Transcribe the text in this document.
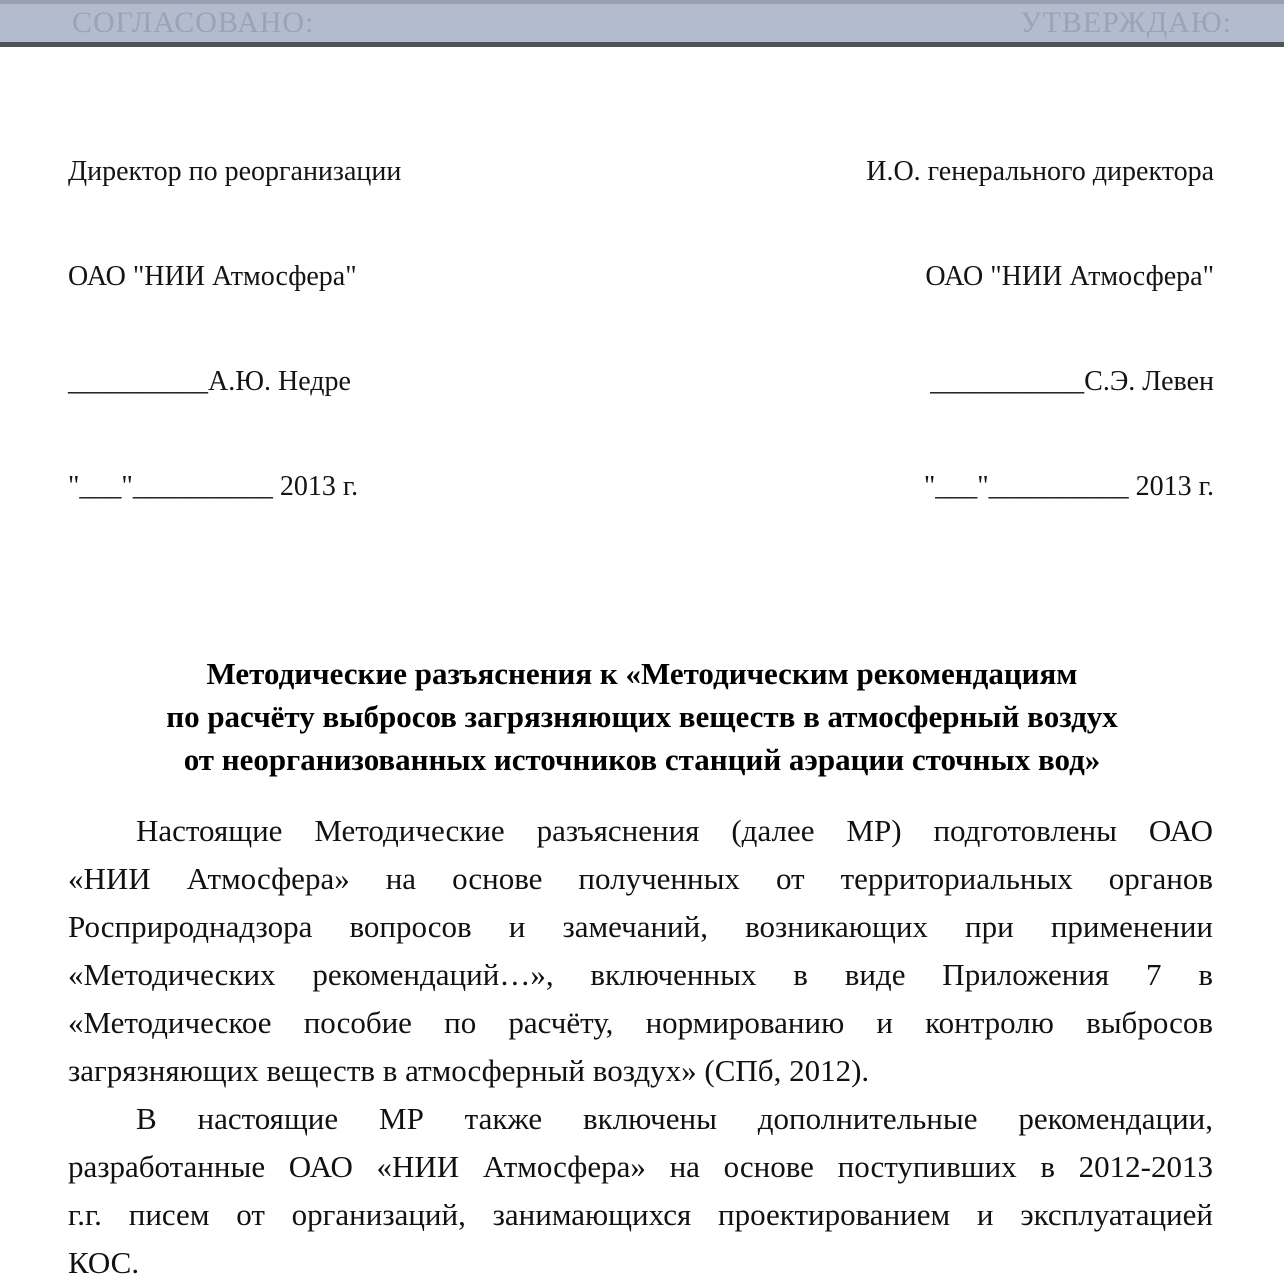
СОГЛАСОВАНО:	УТВЕРЖДАЮ:

Директор по реорганизации

ОАО "НИИ Атмосфера"

__________А.Ю. Недре

"___"__________ 2013 г.

И.О. генерального директора

ОАО "НИИ Атмосфера"

___________С.Э. Левен

"___"__________ 2013 г.

Методические разъяснения к «Методическим рекомендациям
по расчёту выбросов загрязняющих веществ в атмосферный воздух
от неорганизованных источников станций аэрации сточных вод»
Настоящие Методические разъяснения (далее МР) подготовлены ОАО
«НИИ Атмосфера» на основе полученных от территориальных органов
Росприроднадзора вопросов и замечаний, возникающих при применении
«Методических рекомендаций…», включенных в виде Приложения 7 в
«Методическое пособие по расчёту, нормированию и контролю выбросов
загрязняющих веществ в атмосферный воздух» (СПб, 2012).
В настоящие МР также включены дополнительные рекомендации,
разработанные ОАО «НИИ Атмосфера» на основе поступивших в 2012-2013
г.г. писем от организаций, занимающихся проектированием и эксплуатацией
КОС.
